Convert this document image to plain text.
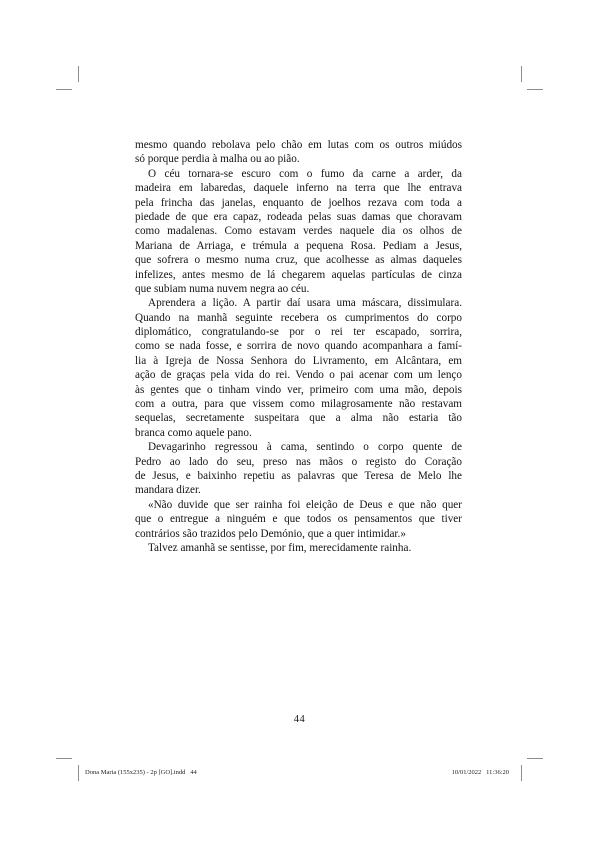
mesmo quando rebolava pelo chão em lutas com os outros miúdos
só porque perdia à malha ou ao pião.
O céu tornara-se escuro com o fumo da carne a arder, da
madeira em labaredas, daquele inferno na terra que lhe entrava
pela frincha das janelas, enquanto de joelhos rezava com toda a
piedade de que era capaz, rodeada pelas suas damas que choravam
como madalenas. Como estavam verdes naquele dia os olhos de
Mariana de Arriaga, e trémula a pequena Rosa. Pediam a Jesus,
que sofrera o mesmo numa cruz, que acolhesse as almas daqueles
infelizes, antes mesmo de lá chegarem aquelas partículas de cinza
que subiam numa nuvem negra ao céu.
Aprendera a lição. A partir daí usara uma máscara, dissimulara.
Quando na manhã seguinte recebera os cumprimentos do corpo
diplomático, congratulando-se por o rei ter escapado, sorrira,
como se nada fosse, e sorrira de novo quando acompanhara a famí-
lia à Igreja de Nossa Senhora do Livramento, em Alcântara, em
ação de graças pela vida do rei. Vendo o pai acenar com um lenço
às gentes que o tinham vindo ver, primeiro com uma mão, depois
com a outra, para que vissem como milagrosamente não restavam
sequelas, secretamente suspeitara que a alma não estaria tão
branca como aquele pano.
Devagarinho regressou à cama, sentindo o corpo quente de
Pedro ao lado do seu, preso nas mãos o registo do Coração
de Jesus, e baixinho repetiu as palavras que Teresa de Melo lhe
mandara dizer.
«Não duvide que ser rainha foi eleição de Deus e que não quer
que o entregue a ninguém e que todos os pensamentos que tiver
contrários são trazidos pelo Demónio, que a quer intimidar.»
Talvez amanhã se sentisse, por fim, merecidamente rainha.
44
Dona Maria (155x235) - 2p [GO].indd   44	10/01/2022   11:36:20
